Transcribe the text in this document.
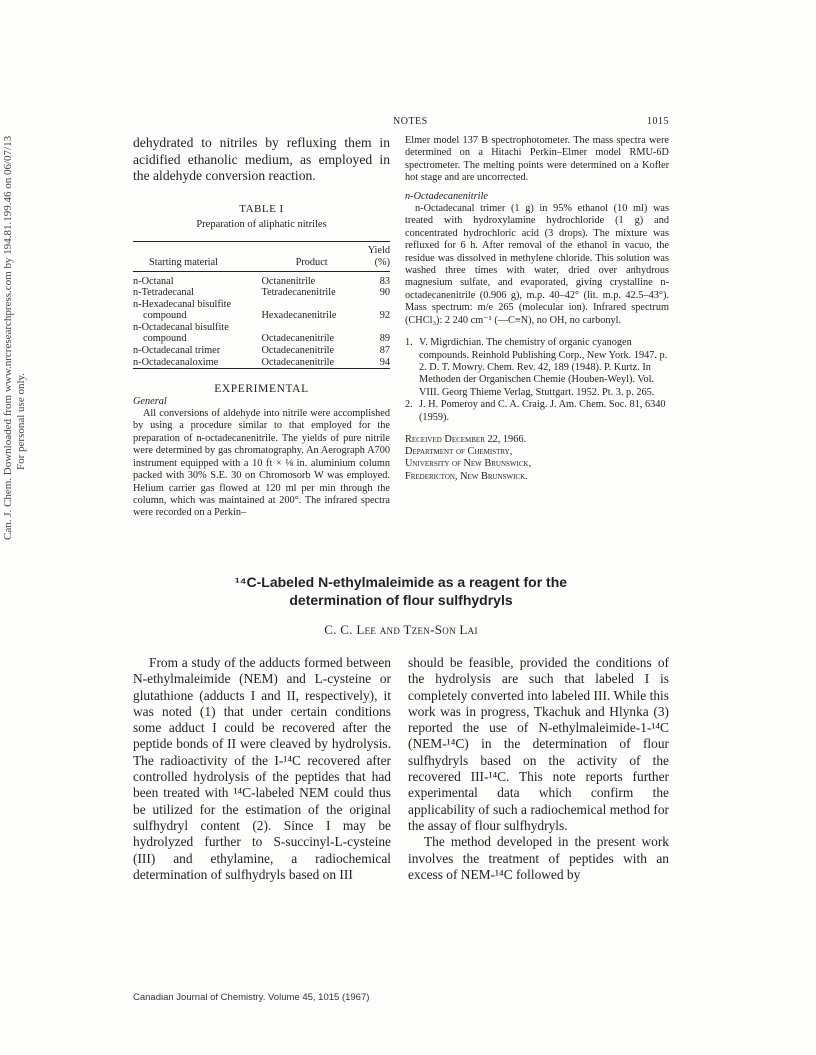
Can. J. Chem. Downloaded from www.nrcresearchpress.com by 194.81.199.46 on 06/07/13 For personal use only.
NOTES	1015

dehydrated to nitriles by refluxing them in acidified ethanolic medium, as employed in the aldehyde conversion reaction.

TABLE I
Preparation of aliphatic nitriles
Starting material	Product	Yield
(%)

n-Octanal	Octanenitrile	83
n-Tetradecanal	Tetradecanenitrile	90
n-Hexadecanal bisulfite		
compound	Hexadecanenitrile	92
n-Octadecanal bisulfite		
compound	Octadecanenitrile	89
n-Octadecanal trimer	Octadecanenitrile	87
n-Octadecanaloxime	Octadecanenitrile	94
EXPERIMENTAL

General

All conversions of aldehyde into nitrile were accomplished by using a procedure similar to that employed for the preparation of n-octadecanenitrile. The yields of pure nitrile were determined by gas chromatography. An Aerograph A700 instrument equipped with a 10 ft × ⅛ in. aluminium column packed with 30% S.E. 30 on Chromosorb W was employed. Helium carrier gas flowed at 120 ml per min through the column, which was maintained at 200°. The infrared spectra were recorded on a Perkin–

Elmer model 137 B spectrophotometer. The mass spectra were determined on a Hitachi Perkin–Elmer model RMU-6D spectrometer. The melting points were determined on a Kofler hot stage and are uncorrected.

n-Octadecanenitrile

n-Octadecanal trimer (1 g) in 95% ethanol (10 ml) was treated with hydroxylamine hydrochloride (1 g) and concentrated hydrochloric acid (3 drops). The mixture was refluxed for 6 h. After removal of the ethanol in vacuo, the residue was dissolved in methylene chloride. This solution was washed three times with water, dried over anhydrous magnesium sulfate, and evaporated, giving crystalline n-octadecanenitrile (0.906 g), m.p. 40–42° (lit. m.p. 42.5–43°). Mass spectrum: m/e 265 (molecular ion). Infrared spectrum (CHCl₃): 2 240 cm⁻¹ (—C≡N), no OH, no carbonyl.

1. V. Migrdichian. The chemistry of organic cyanogen compounds. Reinhold Publishing Corp., New York. 1947. p. 2. D. T. Mowry. Chem. Rev. 42, 189 (1948). P. Kurtz. In Methoden der Organischen Chemie (Houben-Weyl). Vol. VIII. Georg Thieme Verlag, Stuttgart. 1952. Pt. 3. p. 265.
2. J. H. Pomeroy and C. A. Craig. J. Am. Chem. Soc. 81, 6340 (1959).
Received December 22, 1966.
Department of Chemistry,
University of New Brunswick,
Fredericton, New Brunswick.
¹⁴C-Labeled N-ethylmaleimide as a reagent for the
determination of flour sulfhydryls
C. C. Lee and Tzen-Son Lai

From a study of the adducts formed between N-ethylmaleimide (NEM) and L-cysteine or glutathione (adducts I and II, respectively), it was noted (1) that under certain conditions some adduct I could be recovered after the peptide bonds of II were cleaved by hydrolysis. The radioactivity of the I-¹⁴C recovered after controlled hydrolysis of the peptides that had been treated with ¹⁴C-labeled NEM could thus be utilized for the estimation of the original sulfhydryl content (2). Since I may be hydrolyzed further to S-succinyl-L-cysteine (III) and ethylamine, a radiochemical determination of sulfhydryls based on III

should be feasible, provided the conditions of the hydrolysis are such that labeled I is completely converted into labeled III. While this work was in progress, Tkachuk and Hlynka (3) reported the use of N-ethylmaleimide-1-¹⁴C (NEM-¹⁴C) in the determination of flour sulfhydryls based on the activity of the recovered III-¹⁴C. This note reports further experimental data which confirm the applicability of such a radiochemical method for the assay of flour sulfhydryls.

The method developed in the present work involves the treatment of peptides with an excess of NEM-¹⁴C followed by

Canadian Journal of Chemistry. Volume 45, 1015 (1967)
